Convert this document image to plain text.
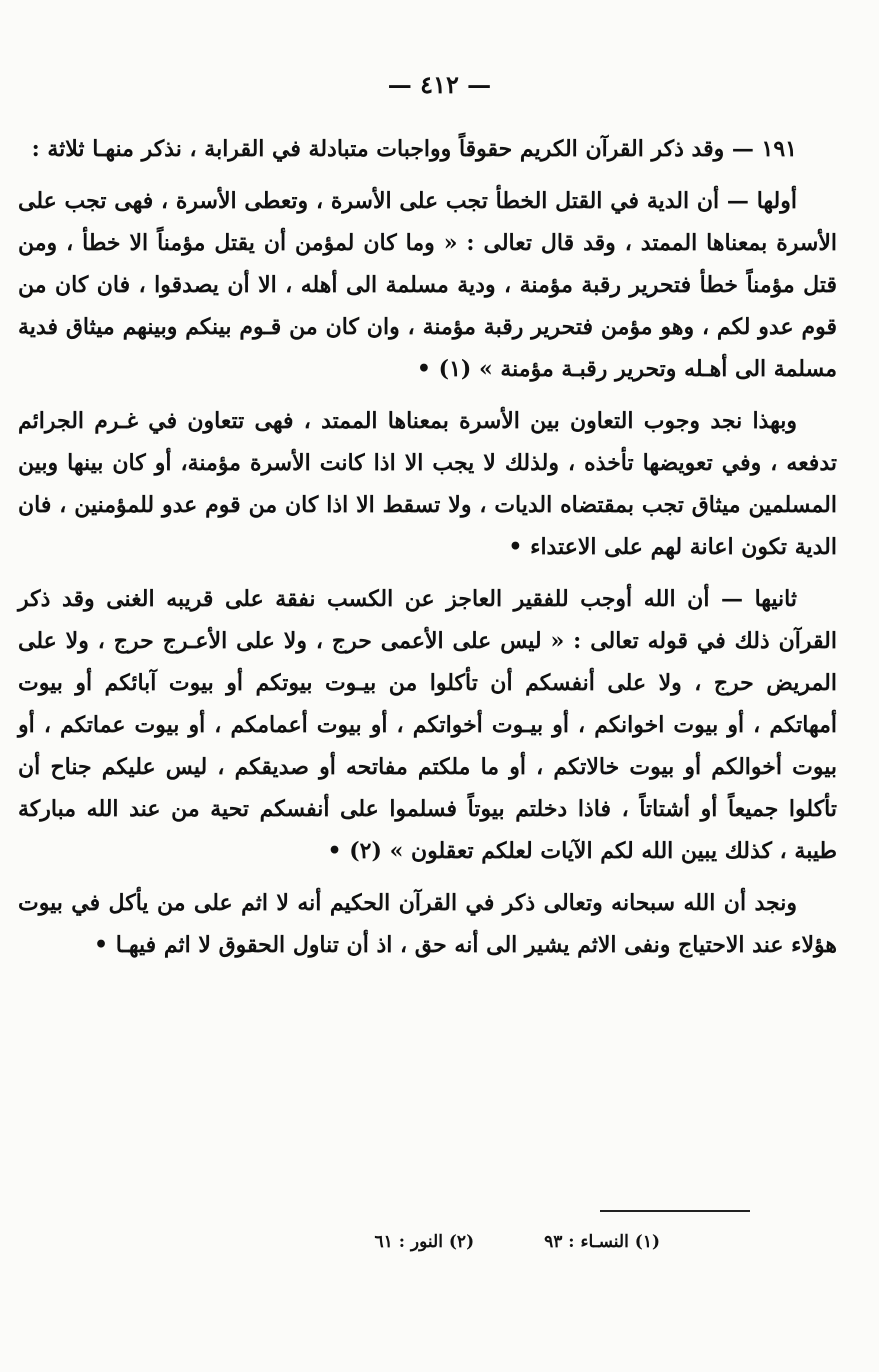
— ٤١٢ —

١٩١ — وقد ذكر القرآن الكريم حقوقاً وواجبات متبادلة في القرابة ، نذكر منهـا ثلاثة :

أولها — أن الدية في القتل الخطأ تجب على الأسرة ، وتعطى الأسرة ، فهى تجب على الأسرة بمعناها الممتد ، وقد قال تعالى : « وما كان لمؤمن أن يقتل مؤمناً الا خطأ ، ومن قتل مؤمناً خطأ فتحرير رقبة مؤمنة ، ودية مسلمة الى أهله ، الا أن يصدقوا ، فان كان من قوم عدو لكم ، وهو مؤمن فتحرير رقبة مؤمنة ، وان كان من قـوم بينكم وبينهم ميثاق فدية مسلمة الى أهـله وتحرير رقبـة مؤمنة » (١) •

وبهذا نجد وجوب التعاون بين الأسرة بمعناها الممتد ، فهى تتعاون في غـرم الجرائم تدفعه ، وفي تعويضها تأخذه ، ولذلك لا يجب الا اذا كانت الأسرة مؤمنة، أو كان بينها وبين المسلمين ميثاق تجب بمقتضاه الديات ، ولا تسقط الا اذا كان من قوم عدو للمؤمنين ، فان الدية تكون اعانة لهم على الاعتداء •

ثانيها — أن الله أوجب للفقير العاجز عن الكسب نفقة على قريبه الغنى وقد ذكر القرآن ذلك في قوله تعالى : « ليس على الأعمى حرج ، ولا على الأعـرج حرج ، ولا على المريض حرج ، ولا على أنفسكم أن تأكلوا من بيـوت بيوتكم أو بيوت آبائكم أو بيوت أمهاتكم ، أو بيوت اخوانكم ، أو بيـوت أخواتكم ، أو بيوت أعمامكم ، أو بيوت عماتكم ، أو بيوت أخوالكم أو بيوت خالاتكم ، أو ما ملكتم مفاتحه أو صديقكم ، ليس عليكم جناح أن تأكلوا جميعاً أو أشتاتاً ، فاذا دخلتم بيوتاً فسلموا على أنفسكم تحية من عند الله مباركة طيبة ، كذلك يبين الله لكم الآيات لعلكم تعقلون » (٢) •

ونجد أن الله سبحانه وتعالى ذكر في القرآن الحكيم أنه لا اثم على من يأكل في بيوت هؤلاء عند الاحتياج ونفى الاثم يشير الى أنه حق ، اذ أن تناول الحقوق لا اثم فيهـا •

(١) النسـاء : ٩٣
(٢) النور : ٦١
